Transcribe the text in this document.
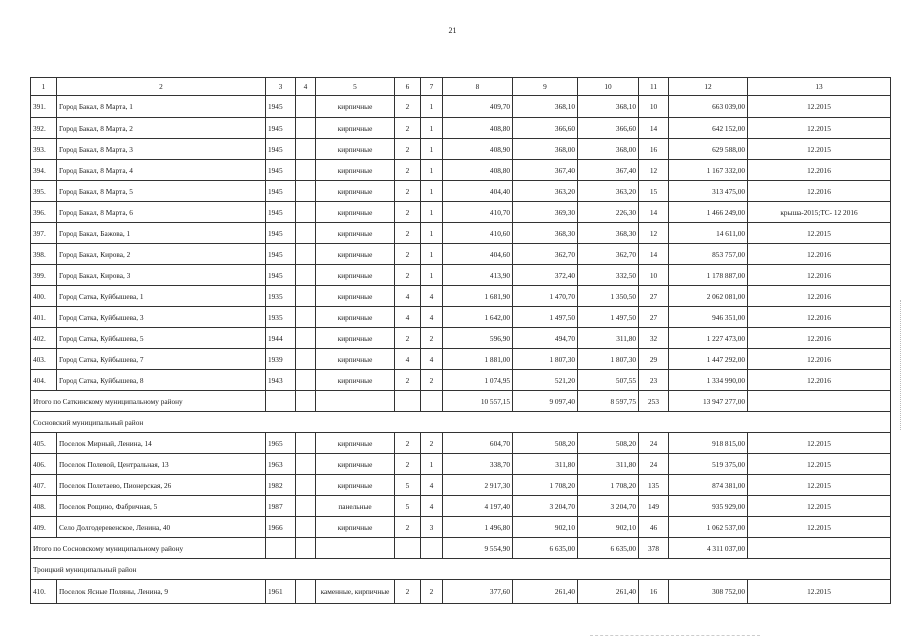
21
1	2	3	4	5	6	7	8	9	10	11	12	13
391.	Город Бакал, 8 Марта, 1	1945		кирпичные	2	1	409,70	368,10	368,10	10	663 039,00	12.2015
392.	Город Бакал, 8 Марта, 2	1945		кирпичные	2	1	408,80	366,60	366,60	14	642 152,00	12.2015
393.	Город Бакал, 8 Марта, 3	1945		кирпичные	2	1	408,90	368,00	368,00	16	629 588,00	12.2015
394.	Город Бакал, 8 Марта, 4	1945		кирпичные	2	1	408,80	367,40	367,40	12	1 167 332,00	12.2016
395.	Город Бакал, 8 Марта, 5	1945		кирпичные	2	1	404,40	363,20	363,20	15	313 475,00	12.2016
396.	Город Бакал, 8 Марта, 6	1945		кирпичные	2	1	410,70	369,30	226,30	14	1 466 249,00	крыша-2015;ТС- 12 2016
397.	Город Бакал, Бажова, 1	1945		кирпичные	2	1	410,60	368,30	368,30	12	14 611,00	12.2015
398.	Город Бакал, Кирова, 2	1945		кирпичные	2	1	404,60	362,70	362,70	14	853 757,00	12.2016
399.	Город Бакал, Кирова, 3	1945		кирпичные	2	1	413,90	372,40	332,50	10	1 178 887,00	12.2016
400.	Город Сатка, Куйбышева, 1	1935		кирпичные	4	4	1 681,90	1 470,70	1 350,50	27	2 062 081,00	12.2016
401.	Город Сатка, Куйбышева, 3	1935		кирпичные	4	4	1 642,00	1 497,50	1 497,50	27	946 351,00	12.2016
402.	Город Сатка, Куйбышева, 5	1944		кирпичные	2	2	596,90	494,70	311,80	32	1 227 473,00	12.2016
403.	Город Сатка, Куйбышева, 7	1939		кирпичные	4	4	1 881,00	1 807,30	1 807,30	29	1 447 292,00	12.2016
404.	Город Сатка, Куйбышева, 8	1943		кирпичные	2	2	1 074,95	521,20	507,55	23	1 334 990,00	12.2016
Итого по Саткинскому муниципальному району							10 557,15	9 097,40	8 597,75	253	13 947 277,00	
Сосновский муниципальный район												
405.	Поселок Мирный, Ленина, 14	1965		кирпичные	2	2	604,70	508,20	508,20	24	918 815,00	12.2015
406.	Поселок Полевой, Центральная, 13	1963		кирпичные	2	1	338,70	311,80	311,80	24	519 375,00	12.2015
407.	Поселок Полетаево, Пионерская, 26	1982		кирпичные	5	4	2 917,30	1 708,20	1 708,20	135	874 381,00	12.2015
408.	Поселок Рощино, Фабричная, 5	1987		панельные	5	4	4 197,40	3 204,70	3 204,70	149	935 929,00	12.2015
409.	Село Долгодеревенское, Ленина, 40	1966		кирпичные	2	3	1 496,80	902,10	902,10	46	1 062 537,00	12.2015
Итого по Сосновскому муниципальному району							9 554,90	6 635,00	6 635,00	378	4 311 037,00	
Троицкий муниципальный район												
410.	Поселок Ясные Поляны, Ленина, 9	1961		каменные, кирпичные	2	2	377,60	261,40	261,40	16	308 752,00	12.2015
